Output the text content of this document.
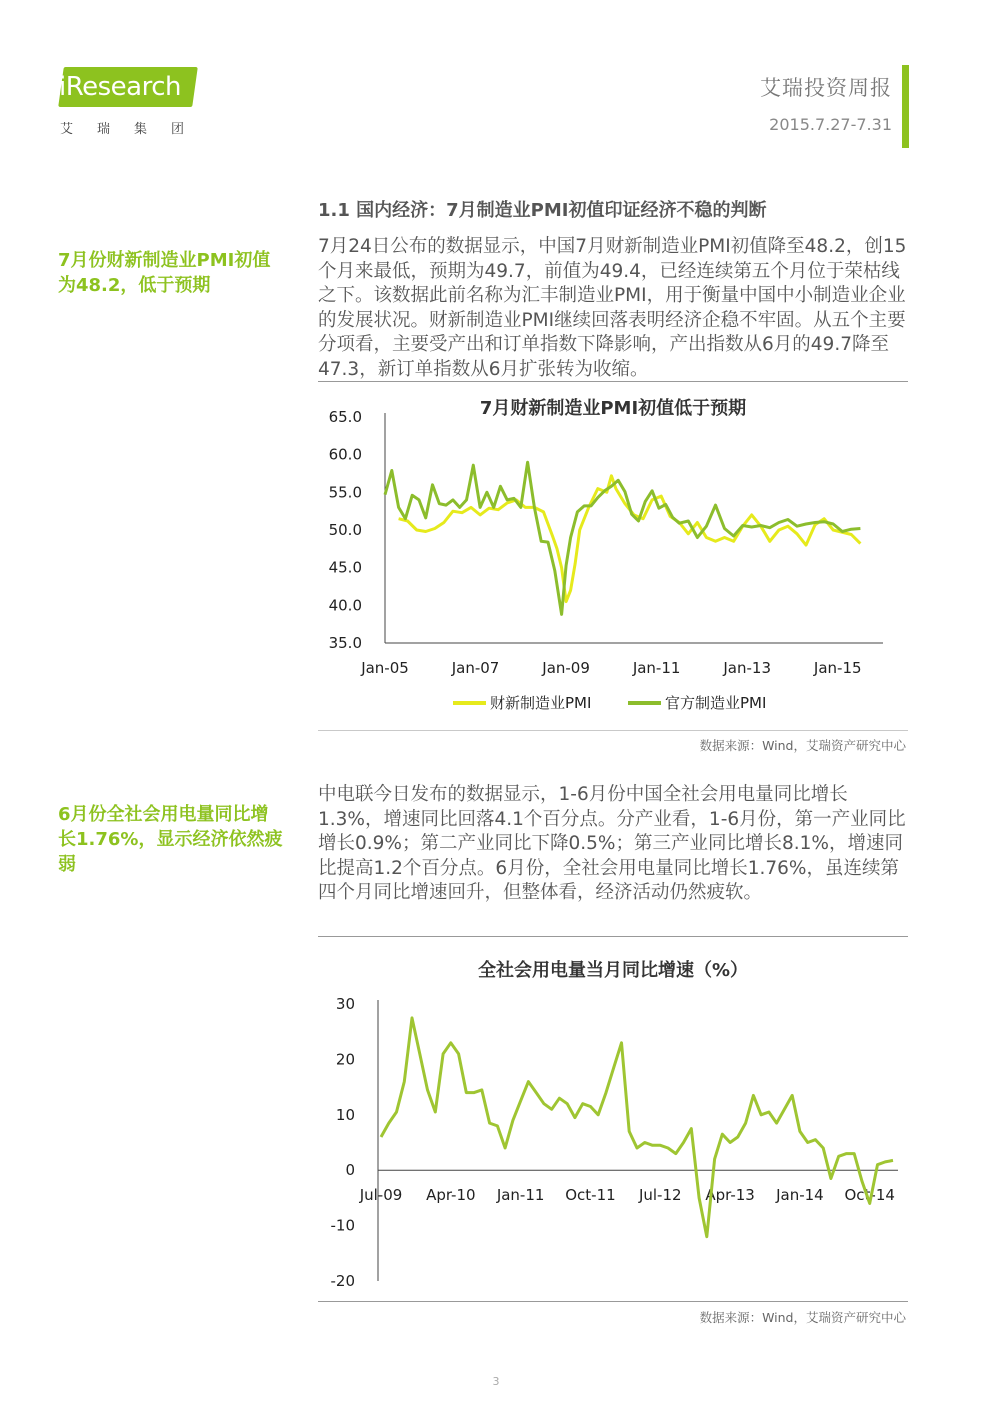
iResearch
艾瑞集团
艾瑞投资周报
2015.7.27-7.31
1.1 国内经济：7月制造业PMI初值印证经济不稳的判断
7月份财新制造业PMI初值为48.2，低于预期
7月24日公布的数据显示，中国7月财新制造业PMI初值降至48.2，创15个月来最低，预期为49.7，前值为49.4，已经连续第五个月位于荣枯线之下。该数据此前名称为汇丰制造业PMI，用于衡量中国中小制造业企业的发展状况。财新制造业PMI继续回落表明经济企稳不牢固。从五个主要分项看，主要受产出和订单指数下降影响，产出指数从6月的49.7降至47.3，新订单指数从6月扩张转为收缩。
7月财新制造业PMI初值低于预期
65.0
60.0
55.0
50.0
45.0
40.0
35.0
Jan-05	Jan-07	Jan-09	Jan-11	Jan-13	Jan-15
财新制造业PMI	官方制造业PMI
数据来源：Wind，艾瑞资产研究中心
6月份全社会用电量同比增长1.76%，显示经济依然疲弱
中电联今日发布的数据显示，1-6月份中国全社会用电量同比增长1.3%，增速同比回落4.1个百分点。分产业看，1-6月份，第一产业同比增长0.9%；第二产业同比下降0.5%；第三产业同比增长8.1%，增速同比提高1.2个百分点。6月份，全社会用电量同比增长1.76%，虽连续第四个月同比增速回升，但整体看，经济活动仍然疲软。
全社会用电量当月同比增速（%）
30
20
10
0
-10
-20
Jul-09 Apr-10 Jan-11 Oct-11 Jul-12 Apr-13 Jan-14 Oct-14
数据来源：Wind，艾瑞资产研究中心
3
